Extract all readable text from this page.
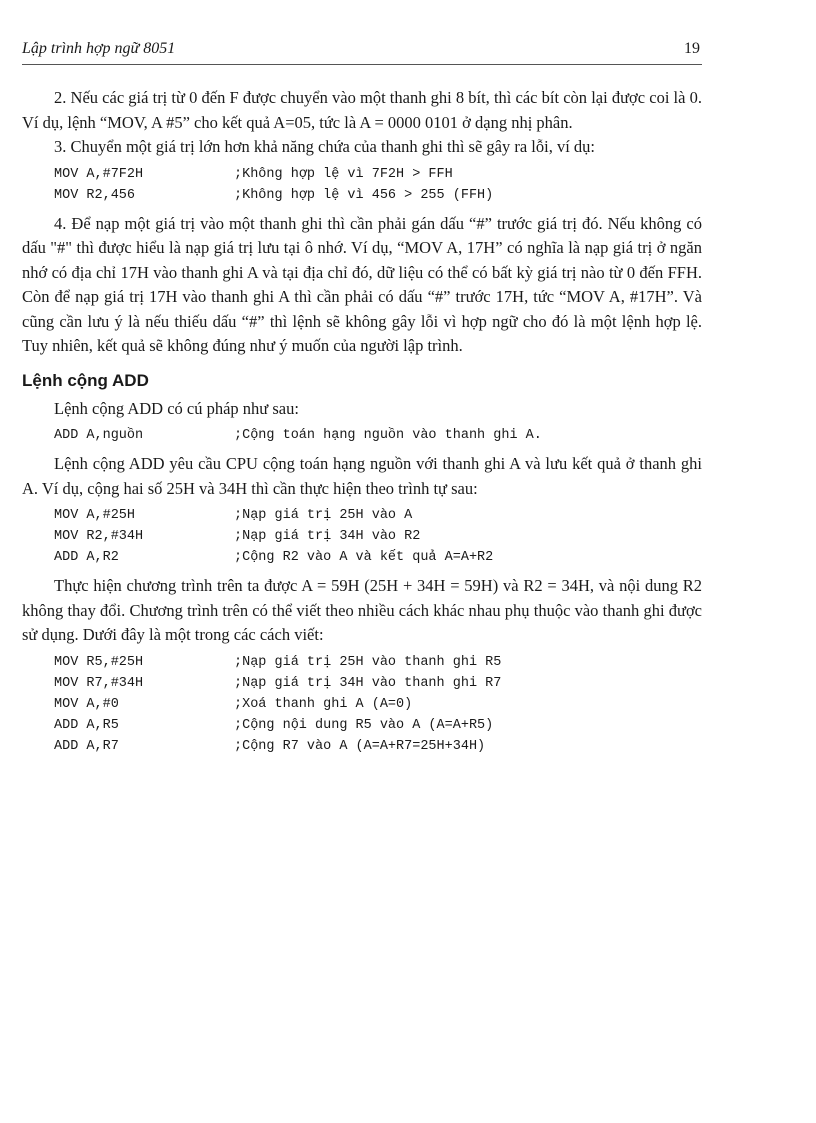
Lập trình hợp ngữ 8051	19

2. Nếu các giá trị từ 0 đến F được chuyển vào một thanh ghi 8 bít, thì các bít còn lại được coi là 0. Ví dụ, lệnh “MOV, A #5” cho kết quả A=05, tức là A = 0000 0101 ở dạng nhị phân.

3. Chuyển một giá trị lớn hơn khả năng chứa của thanh ghi thì sẽ gây ra lỗi, ví dụ:

MOV A,#7F2H	;Không hợp lệ vì 7F2H > FFH
MOV R2,456	;Không hợp lệ vì 456 > 255 (FFH)

4. Để nạp một giá trị vào một thanh ghi thì cần phải gán dấu “#” trước giá trị đó. Nếu không có dấu "#" thì được hiểu là nạp giá trị lưu tại ô nhớ. Ví dụ, “MOV A, 17H” có nghĩa là nạp giá trị ở ngăn nhớ có địa chỉ 17H vào thanh ghi A và tại địa chỉ đó, dữ liệu có thể có bất kỳ giá trị nào từ 0 đến FFH. Còn để nạp giá trị 17H vào thanh ghi A thì cần phải có dấu “#” trước 17H, tức “MOV A, #17H”. Và cũng cần lưu ý là nếu thiếu dấu “#” thì lệnh sẽ không gây lỗi vì hợp ngữ cho đó là một lệnh hợp lệ. Tuy nhiên, kết quả sẽ không đúng như ý muốn của người lập trình.

Lệnh cộng ADD

Lệnh cộng ADD có cú pháp như sau:

ADD A,nguồn	;Cộng toán hạng nguồn vào thanh ghi A.

Lệnh cộng ADD yêu cầu CPU cộng toán hạng nguồn với thanh ghi A và lưu kết quả ở thanh ghi A. Ví dụ, cộng hai số 25H và 34H thì cần thực hiện theo trình tự sau:

MOV A,#25H	;Nạp giá trị 25H vào A
MOV R2,#34H	;Nạp giá trị 34H vào R2
ADD A,R2	;Cộng R2 vào A và kết quả A=A+R2

Thực hiện chương trình trên ta được A = 59H (25H + 34H = 59H) và R2 = 34H, và nội dung R2 không thay đổi. Chương trình trên có thể viết theo nhiều cách khác nhau phụ thuộc vào thanh ghi được sử dụng. Dưới đây là một trong các cách viết:

MOV R5,#25H	;Nạp giá trị 25H vào thanh ghi R5
MOV R7,#34H	;Nạp giá trị 34H vào thanh ghi R7
MOV A,#0	;Xoá thanh ghi A (A=0)
ADD A,R5	;Cộng nội dung R5 vào A (A=A+R5)
ADD A,R7	;Cộng R7 vào A (A=A+R7=25H+34H)
